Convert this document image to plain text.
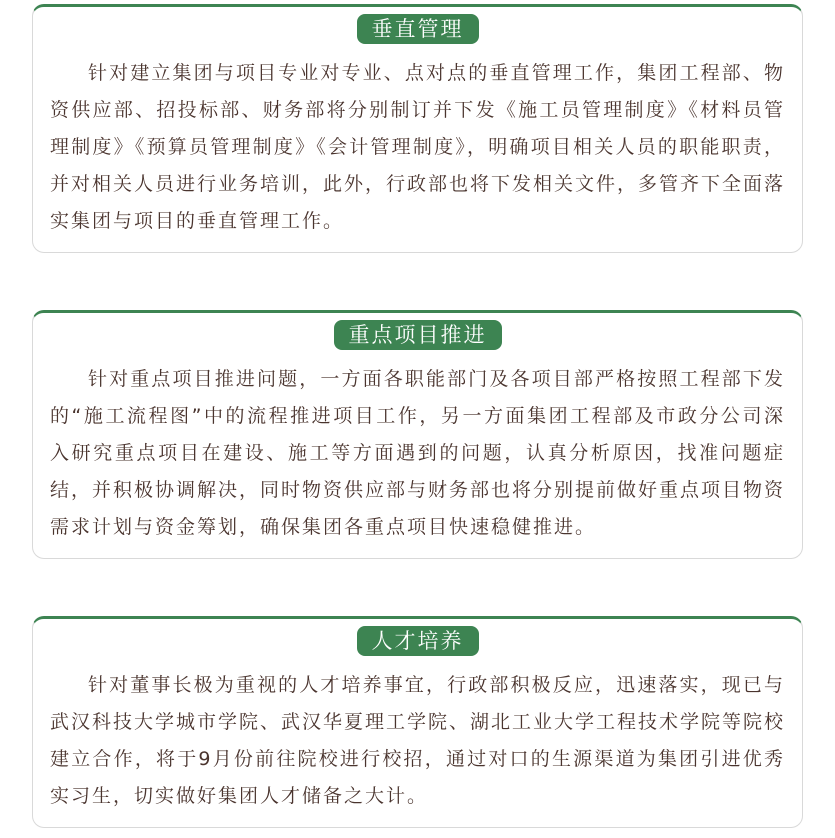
垂直管理

针对建立集团与项目专业对专业、点对点的垂直管理工作，集团工程部、物资供应部、招投标部、财务部将分别制订并下发《施工员管理制度》《材料员管理制度》《预算员管理制度》《会计管理制度》，明确项目相关人员的职能职责，并对相关人员进行业务培训，此外，行政部也将下发相关文件，多管齐下全面落实集团与项目的垂直管理工作。

重点项目推进

针对重点项目推进问题，一方面各职能部门及各项目部严格按照工程部下发的“施工流程图”中的流程推进项目工作，另一方面集团工程部及市政分公司深入研究重点项目在建设、施工等方面遇到的问题，认真分析原因，找准问题症结，并积极协调解决，同时物资供应部与财务部也将分别提前做好重点项目物资需求计划与资金筹划，确保集团各重点项目快速稳健推进。

人才培养

针对董事长极为重视的人才培养事宜，行政部积极反应，迅速落实，现已与武汉科技大学城市学院、武汉华夏理工学院、湖北工业大学工程技术学院等院校建立合作，将于9月份前往院校进行校招，通过对口的生源渠道为集团引进优秀实习生，切实做好集团人才储备之大计。
